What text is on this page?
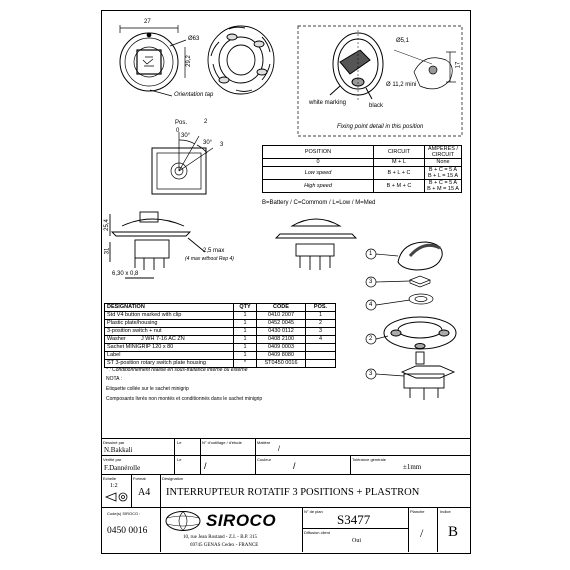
27
Ø63
29,2
Orientation tap
Ø5,1
17
Ø 11,2 mini
white marking	black
Fixing point detail in this position
Pos.
0
2
3
30°
30°
25,4
31	2,5 max
(4 max without Rep 4)
6,30 x 0,8
POSITION	CIRCUIT	AMPERES / CIRCUIT
0	M + L	None
Low speed	B + L + C	B + C = 5 A
B + L = 15 A
High speed	B + M + C	B + C = 5 A
B + M = 15 A
B=Battery / C=Commom / L=Low / M=Med
1
3
4
2
3
DESIGNATION	QTY	CODE	POS.
Std V4 button marked with clip	1	0410 2007	1
Plastic plate/housing	1	0452 0045	2
3-position switch + nut	1	0430 0112	3
Washer          J WH 7-16 AC ZN	1	0408 2100	4
Sachet MINIGRIP 120 x 80	1	0409 0003	
Label	1	0409 8080	
ST 3-position rotary switch plate housing	*	ST0450 0016	
* : Conditionnement réalisé en sous-traitance interne ou externe
NOTA :
Etiquette collée sur le sachet minigrip
Composants livrés non montés et conditionnés dans le sachet minigrip
Dessiné par	Le	N° d'outillage / d'étude	Matière
N.Bakkali	/
Vérifié par	Le	Couleur	Tolérance générale
F.Dannérolle	/	/	±1mm
Echelle	Format	Désignation
1:2
A4 INTERRUPTEUR ROTATIF 3 POSITIONS + PLASTRON
Code(s) SIROCO :
0450 0016
SIROCO
10, rue Jean Rostand - Z.I. - B.P. 315
69745 GENAS Cedex - FRANCE
N° de plan
S3477
Diffusion client
Oui
Planche
/
Indice
B
